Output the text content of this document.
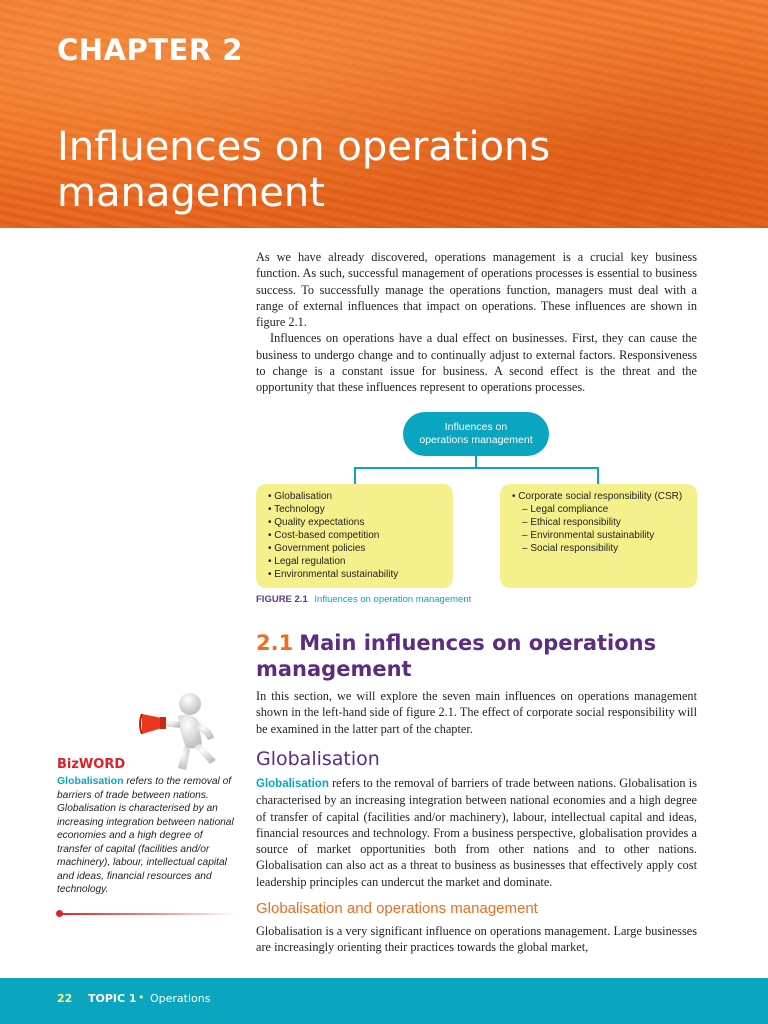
CHAPTER 2
Influences on operations management

As we have already discovered, operations management is a crucial key business function. As such, successful management of operations processes is essential to business success. To successfully manage the operations function, managers must deal with a range of external influences that impact on operations. These influences are shown in figure 2.1.

Influences on operations have a dual effect on businesses. First, they can cause the business to undergo change and to continually adjust to external factors. Responsiveness to change is a constant issue for business. A second effect is the threat and the opportunity that these influences represent to operations processes.

Influences on
operations management
• Globalisation
• Technology
• Quality expectations
• Cost-based competition
• Government policies
• Legal regulation
• Environmental sustainability
• Corporate social responsibility (CSR)
– Legal compliance
– Ethical responsibility
– Environmental sustainability
– Social responsibility
FIGURE 2.1 Influences on operation management
2.1 Main influences on operations management

In this section, we will explore the seven main influences on operations management shown in the left-hand side of figure 2.1. The effect of corporate social responsibility will be examined in the latter part of the chapter.

Globalisation

Globalisation refers to the removal of barriers of trade between nations. Globalisation is characterised by an increasing integration between national economies and a high degree of transfer of capital (facilities and/or machinery), labour, intellectual capital and ideas, financial resources and technology. From a business perspective, globalisation provides a source of market opportunities both from other nations and to other nations. Globalisation can also act as a threat to business as businesses that effectively apply cost leadership principles can undercut the market and dominate.

Globalisation and operations management

Globalisation is a very significant influence on operations management. Large businesses are increasingly orienting their practices towards the global market,

BizWORD

Globalisation refers to the removal of barriers of trade between nations. Globalisation is characterised by an increasing integration between national economies and a high degree of transfer of capital (facilities and/or machinery), labour, intellectual capital and ideas, financial resources and technology.

22 TOPIC 1 • Operations
